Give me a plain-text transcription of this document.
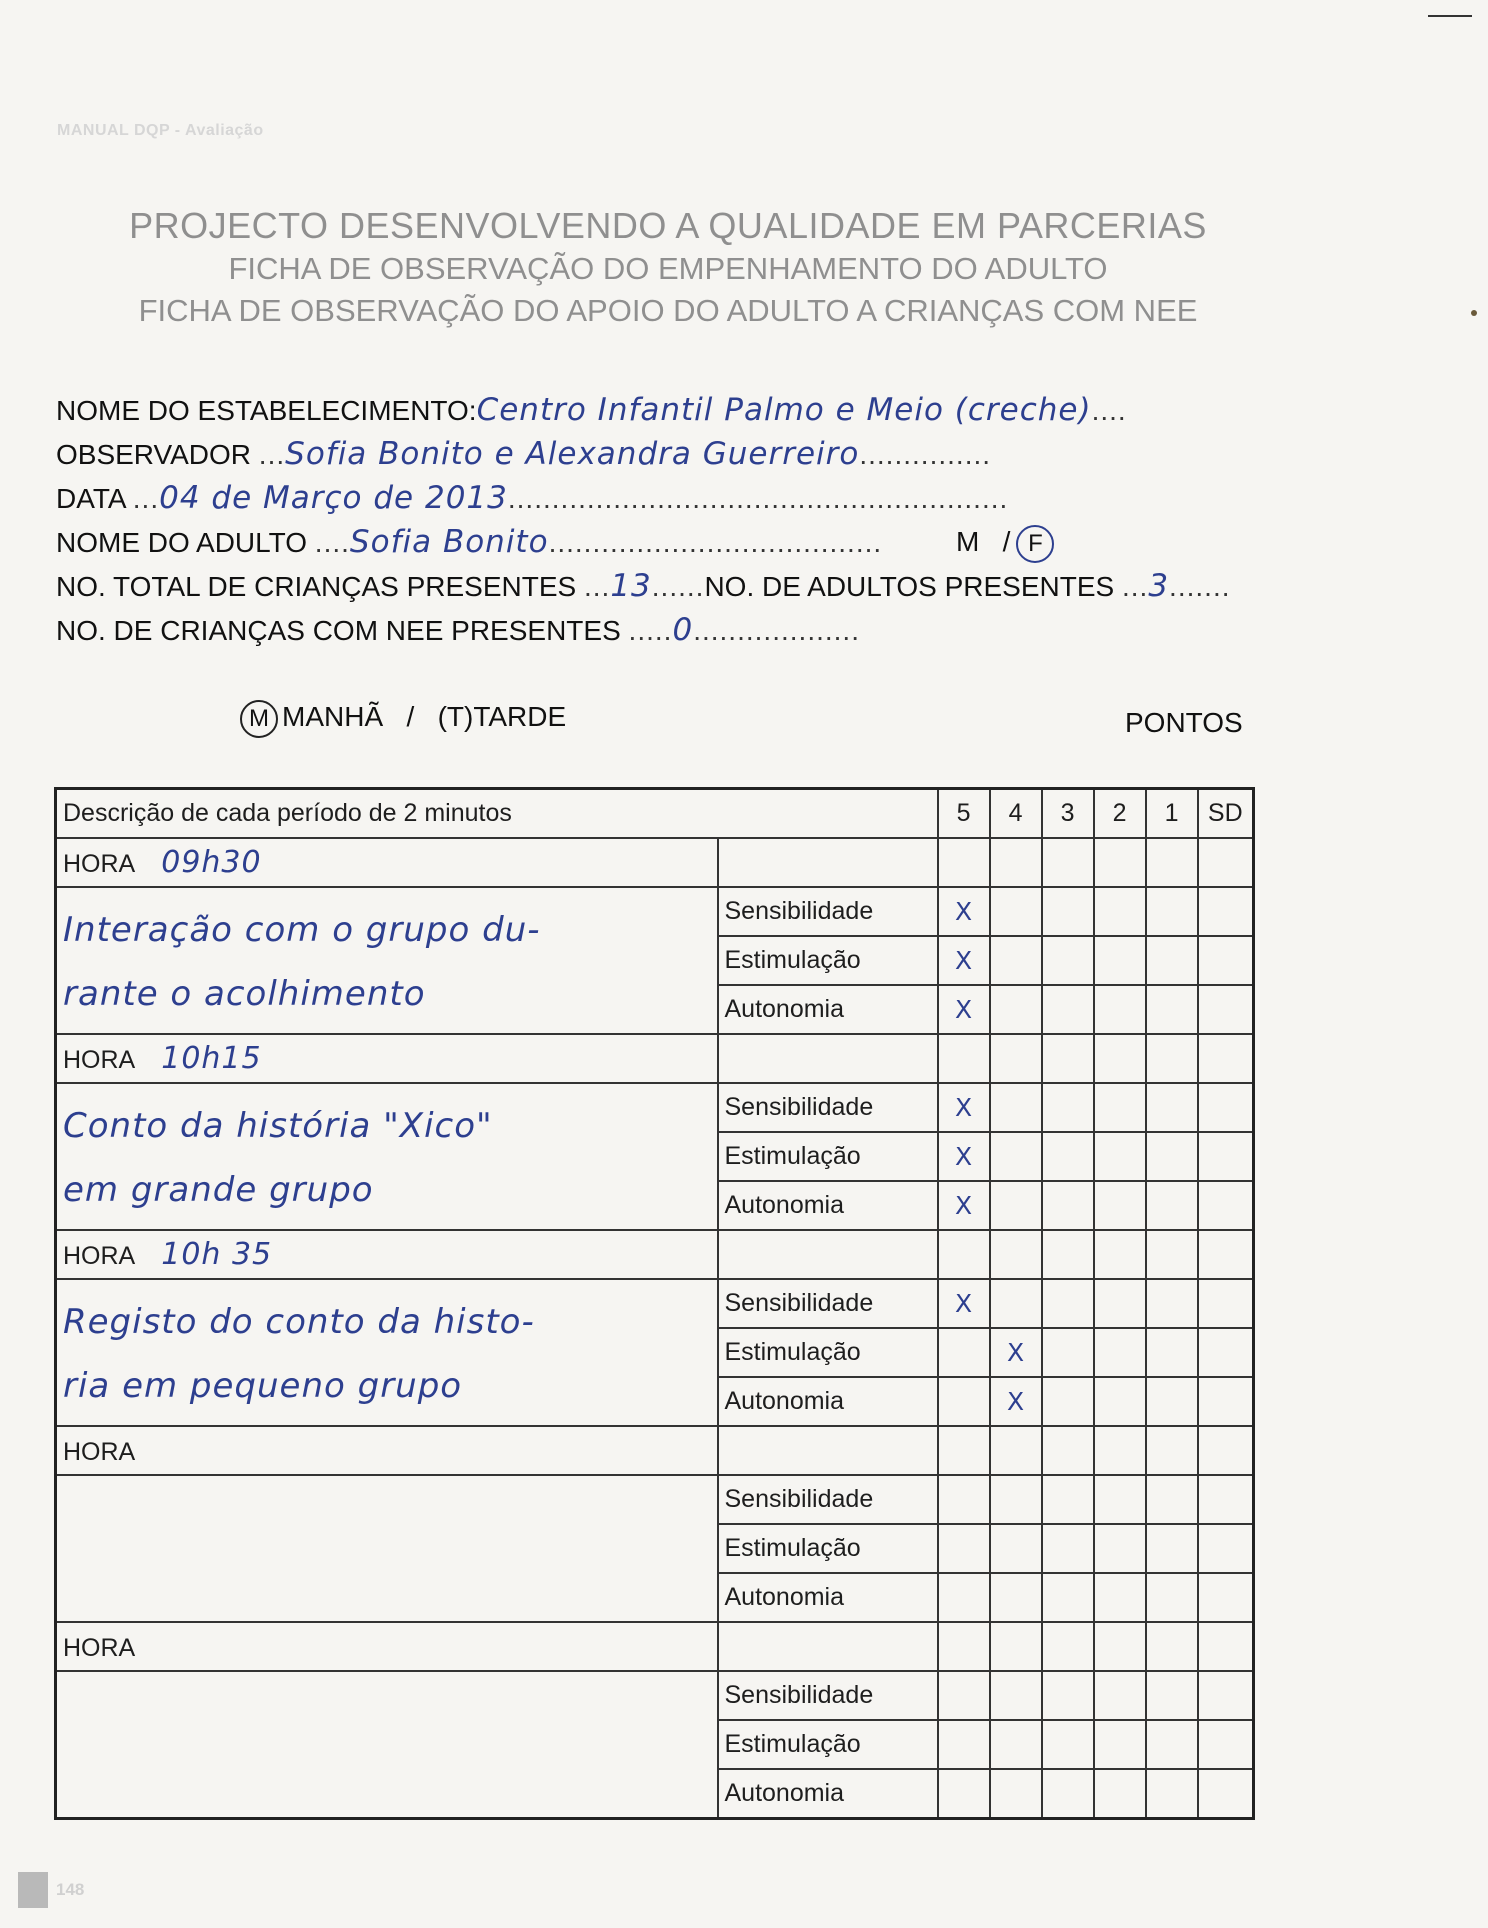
MANUAL DQP - Avaliação
PROJECTO DESENVOLVENDO A QUALIDADE EM PARCERIAS
FICHA DE OBSERVAÇÃO DO EMPENHAMENTO DO ADULTO
FICHA DE OBSERVAÇÃO DO APOIO DO ADULTO A CRIANÇAS COM NEE
NOME DO ESTABELECIMENTO:Centro Infantil Palmo e Meio (creche)....
OBSERVADOR ...Sofia Bonito e Alexandra Guerreiro...............
DATA ...04 de Março de 2013.........................................................
NOME DO ADULTO ....Sofia Bonito......................................	M / F
NO. TOTAL DE CRIANÇAS PRESENTES ...13......NO. DE ADULTOS PRESENTES ...3.......
NO. DE CRIANÇAS COM NEE PRESENTES .....0...................
M MANHÃ / (T)TARDE	PONTOS
Descrição de cada período de 2 minutos		5	4	3	2	1	SD
HORA 09h30							

Interação com o grupo du-
rante o acolhimento	Sensibilidade	X					
	Estimulação	X					
	Autonomia	X					
HORA 10h15							

Conto da história "Xico"
em grande grupo	Sensibilidade	X					
	Estimulação	X					
	Autonomia	X					
HORA 10h 35							

Registo do conto da histo-
ria em pequeno grupo	Sensibilidade	X					
	Estimulação		X				
	Autonomia		X				
HORA							

	Sensibilidade						
	Estimulação						
	Autonomia						
HORA							

	Sensibilidade						
	Estimulação						
	Autonomia						
148
